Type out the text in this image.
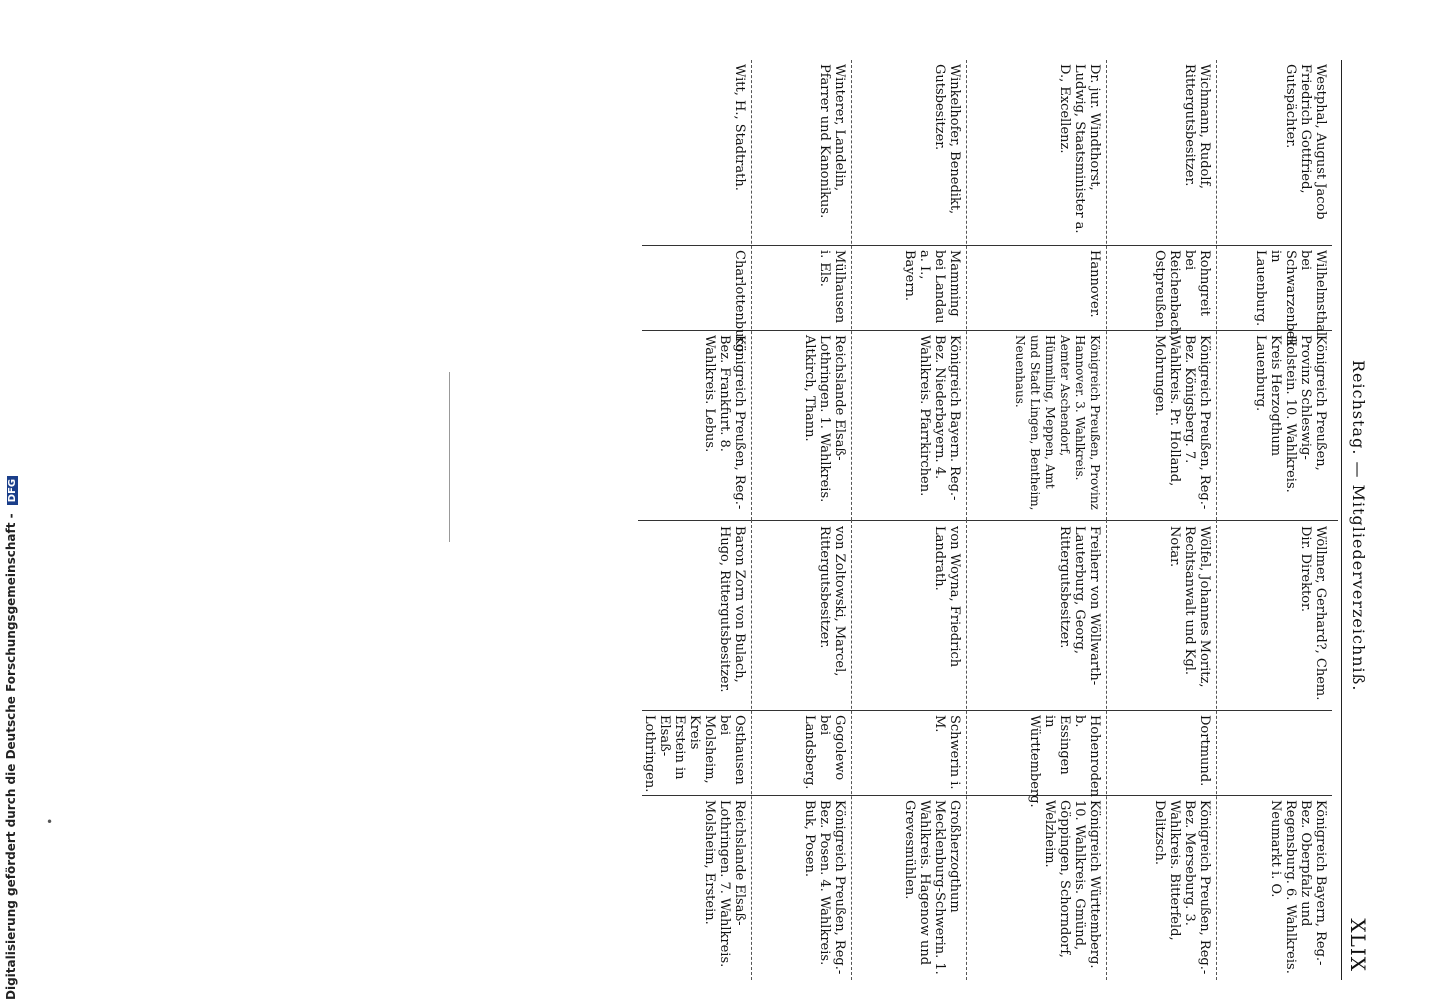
Reichstag. — Mitgliederverzeichniß.
XLIX
Westphal, August Jacob Friedrich Gottfried, Gutspächter.
Wilhelmsthal bei Schwarzenbek in Lauenburg.
Königreich Preußen, Provinz Schleswig-Holstein. 10. Wahlkreis. Kreis Herzogthum Lauenburg.
Wichmann, Rudolf, Rittergutsbesitzer.
Rohngreit bei Reichenbach, Ostpreußen.
Königreich Preußen, Reg.-Bez. Königsberg. 7. Wahlkreis. Pr. Holland, Mohrungen.
Dr. jur. Windthorst, Ludwig, Staatsminister a. D., Excellenz.
Hannover.
Königreich Preußen, Provinz Hannover. 3. Wahlkreis. Aemter Aschendorf, Hümmling, Meppen, Amt und Stadt Lingen, Bentheim, Neuenhaus.
Winkelhofer, Benedikt, Gutsbesitzer.
Mamming bei Landau a. I., Bayern.
Königreich Bayern. Reg.-Bez. Niederbayern. 4. Wahlkreis. Pfarrkirchen.
Winterer, Landelin, Pfarrer und Kanonikus.
Mülhausen i. Els.
Reichslande Elsaß-Lothringen. 1. Wahlkreis. Altkirch, Thann.
Witt, H., Stadtrath.
Charlottenburg.
Königreich Preußen, Reg.-Bez. Frankfurt. 8. Wahlkreis. Lebus.
Wöllmer, Gerhard?, Chem. Dir. Direktor.
Königreich Bayern, Reg.-Bez. Oberpfalz und Regensburg. 6. Wahlkreis. Neumarkt i. O.
Wölfel, Johannes Moritz, Rechtsanwalt und Kgl. Notar.
Dortmund.
Königreich Preußen, Reg.-Bez. Merseburg. 3. Wahlkreis. Bitterfeld, Delitzsch.
Freiherr von Wöllwarth-Lauterburg, Georg, Rittergutsbesitzer.
Hohenroden b. Essingen in Württemberg.
Königreich Württemberg. 10. Wahlkreis. Gmünd, Göppingen, Schorndorf, Welzheim.
von Woyna, Friedrich Landrath.
Schwerin i. M.
Großherzogthum Mecklenburg-Schwerin. 1. Wahlkreis. Hagenow und Grevesmühlen.
von Zoltowski, Marcel, Rittergutsbesitzer.
Gogolewo bei Landsberg.
Königreich Preußen, Reg.-Bez. Posen. 4. Wahlkreis. Buk, Posen.
Baron Zorn von Bulach, Hugo, Rittergutsbesitzer.
Osthausen bei Molsheim, Kreis Erstein in Elsaß-Lothringen.
Reichslande Elsaß-Lothringen. 7. Wahlkreis. Molsheim, Erstein.
•
Digitalisierung gefördert durch die Deutsche Forschungsgemeinschaft - DFG
